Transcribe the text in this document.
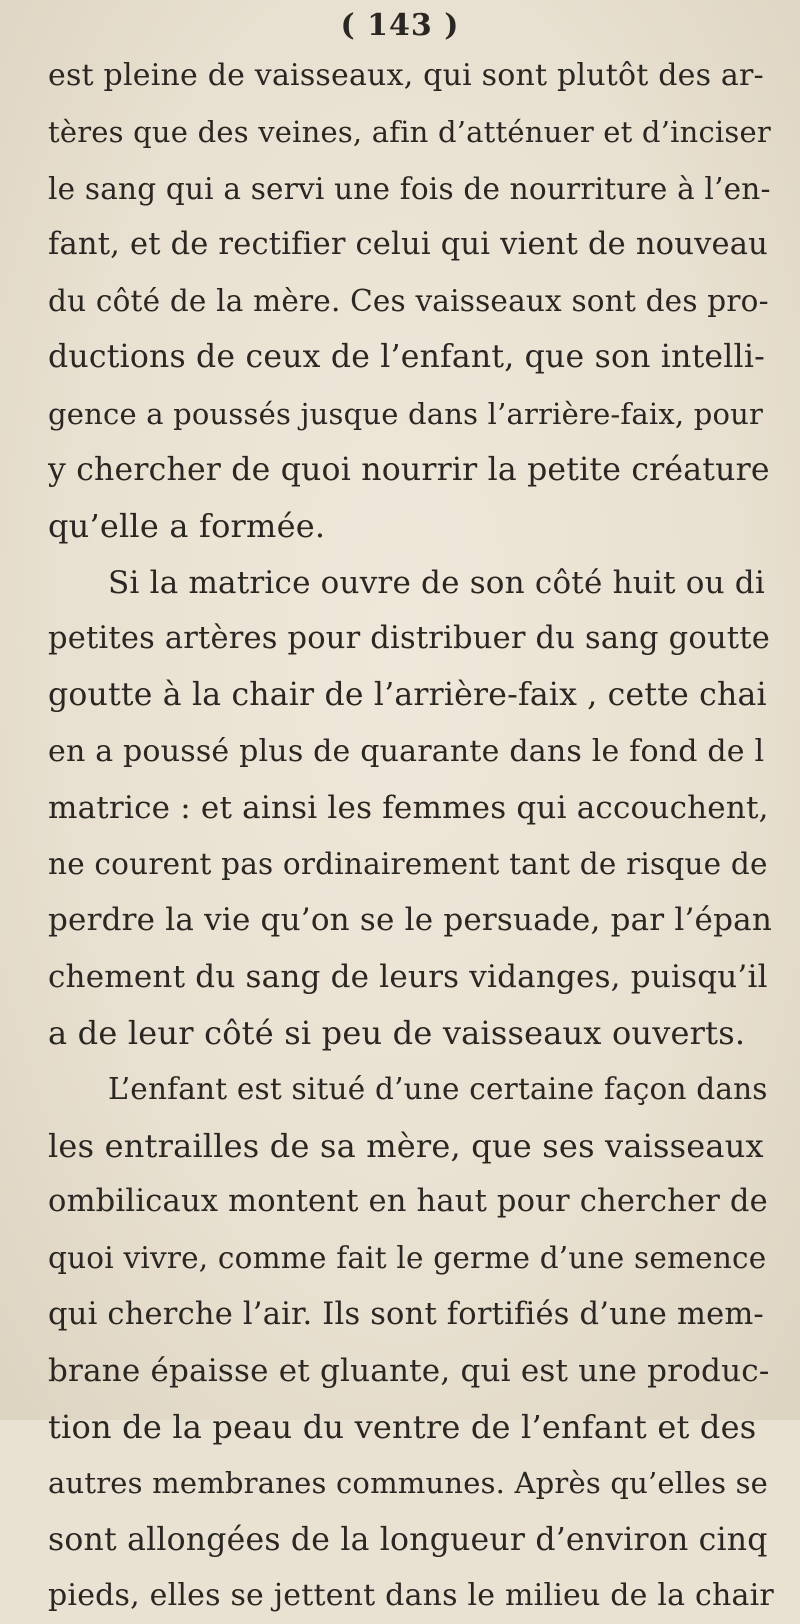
( 143 )
est pleine de vaisseaux, qui sont plutôt des ar-
tères que des veines, afin d’atténuer et d’inciser
le sang qui a servi une fois de nourriture à l’en-
fant, et de rectifier celui qui vient de nouveau
du côté de la mère. Ces vaisseaux sont des pro-
ductions de ceux de l’enfant, que son intelli-
gence a poussés jusque dans l’arrière-faix, pour
y chercher de quoi nourrir la petite créature
qu’elle a formée.
Si la matrice ouvre de son côté huit ou di
petites artères pour distribuer du sang goutte
goutte à la chair de l’arrière-faix , cette chai
en a poussé plus de quarante dans le fond de l
matrice : et ainsi les femmes qui accouchent,
ne courent pas ordinairement tant de risque de
perdre la vie qu’on se le persuade, par l’épan
chement du sang de leurs vidanges, puisqu’il
a de leur côté si peu de vaisseaux ouverts.
L’enfant est situé d’une certaine façon dans
les entrailles de sa mère, que ses vaisseaux
ombilicaux montent en haut pour chercher de
quoi vivre, comme fait le germe d’une semence
qui cherche l’air. Ils sont fortifiés d’une mem-
brane épaisse et gluante, qui est une produc-
tion de la peau du ventre de l’enfant et des
autres membranes communes. Après qu’elles se
sont allongées de la longueur d’environ cinq
pieds, elles se jettent dans le milieu de la chair
